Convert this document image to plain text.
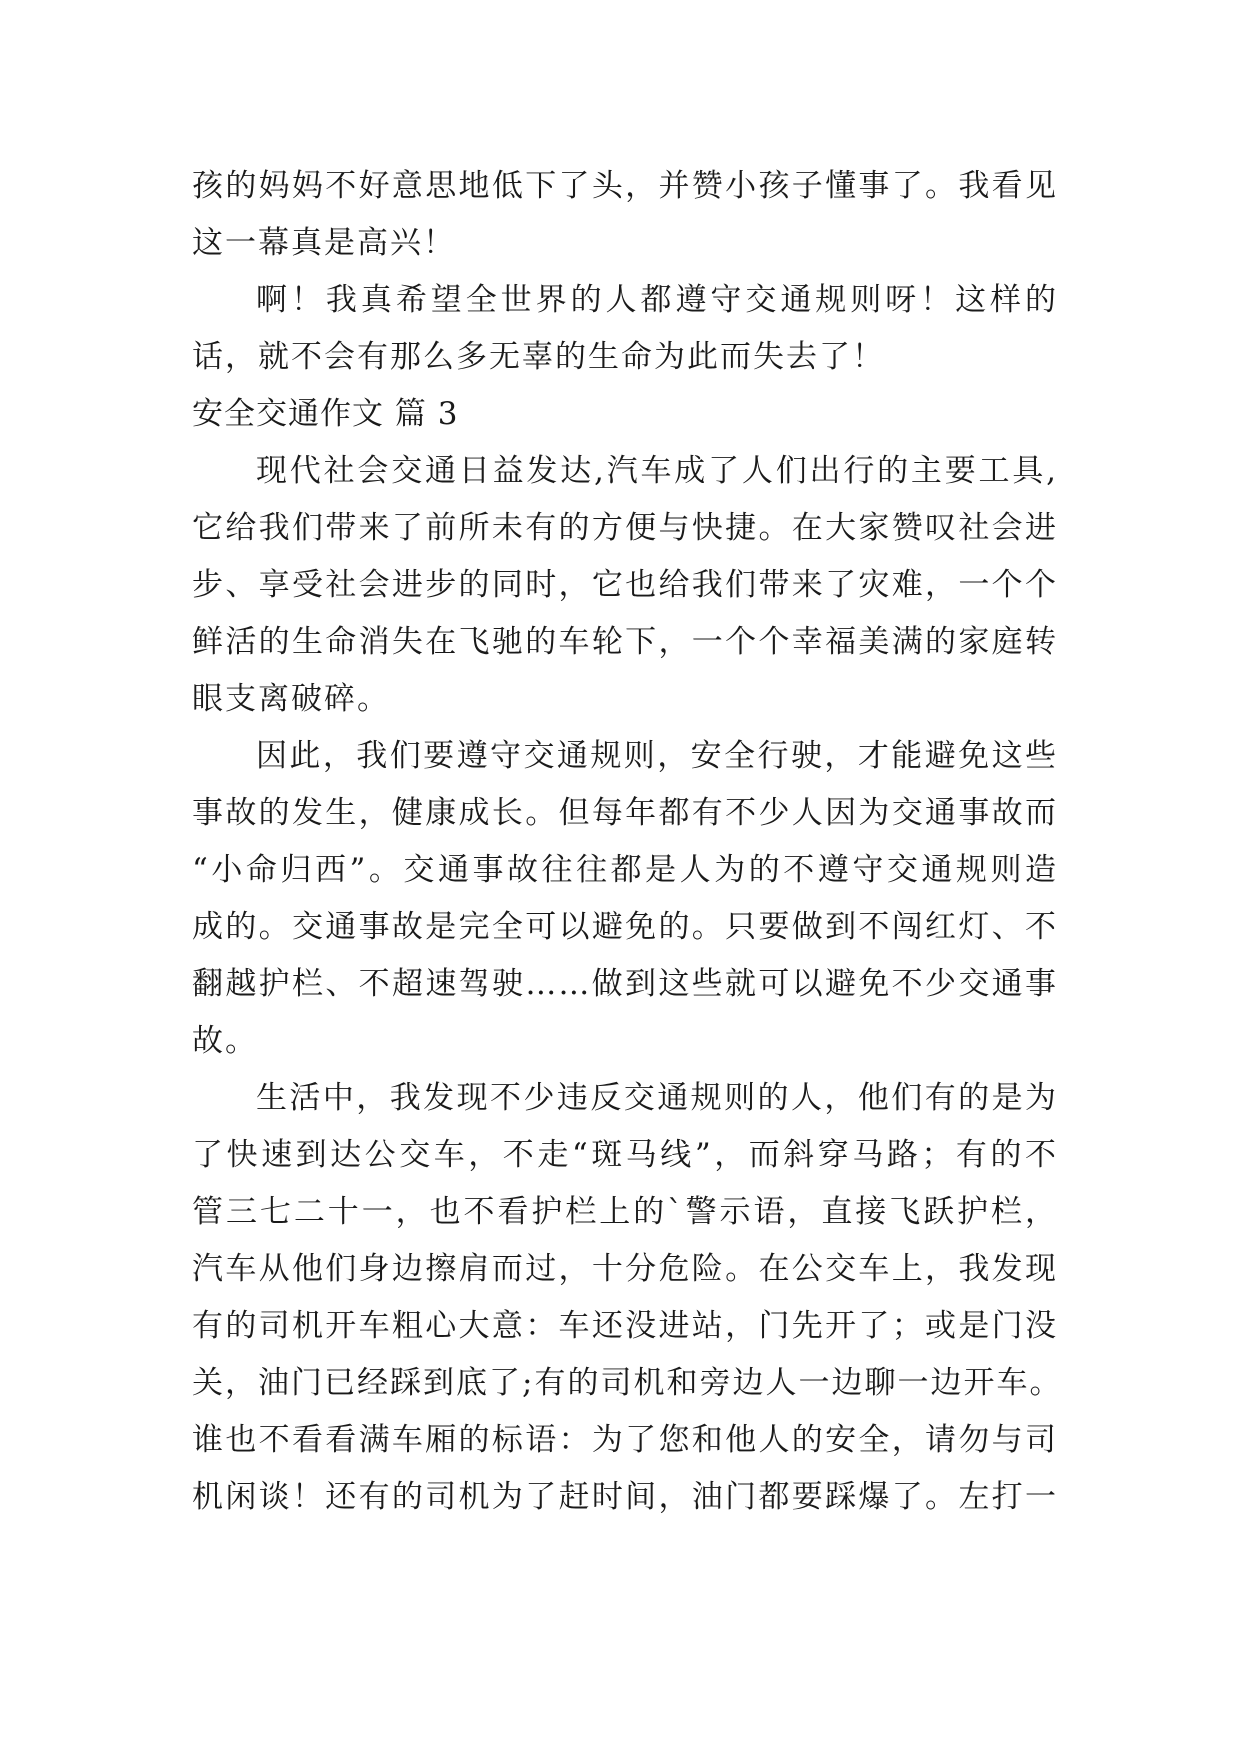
孩的妈妈不好意思地低下了头，并赞小孩子懂事了。我看见
这一幕真是高兴！
啊！我真希望全世界的人都遵守交通规则呀！这样的
话，就不会有那么多无辜的生命为此而失去了！
安全交通作文 篇 3
现代社会交通日益发达,汽车成了人们出行的主要工具,
它给我们带来了前所未有的方便与快捷。在大家赞叹社会进
步、享受社会进步的同时，它也给我们带来了灾难，一个个
鲜活的生命消失在飞驰的车轮下，一个个幸福美满的家庭转
眼支离破碎。
因此，我们要遵守交通规则，安全行驶，才能避免这些
事故的发生，健康成长。但每年都有不少人因为交通事故而
“小命归西”。交通事故往往都是人为的不遵守交通规则造
成的。交通事故是完全可以避免的。只要做到不闯红灯、不
翻越护栏、不超速驾驶……做到这些就可以避免不少交通事
故。
生活中，我发现不少违反交通规则的人，他们有的是为
了快速到达公交车，不走“斑马线”，而斜穿马路；有的不
管三七二十一，也不看护栏上的`警示语，直接飞跃护栏，
汽车从他们身边擦肩而过，十分危险。在公交车上，我发现
有的司机开车粗心大意：车还没进站，门先开了；或是门没
关，油门已经踩到底了;有的司机和旁边人一边聊一边开车。
谁也不看看满车厢的标语：为了您和他人的安全，请勿与司
机闲谈！还有的司机为了赶时间，油门都要踩爆了。左打一
